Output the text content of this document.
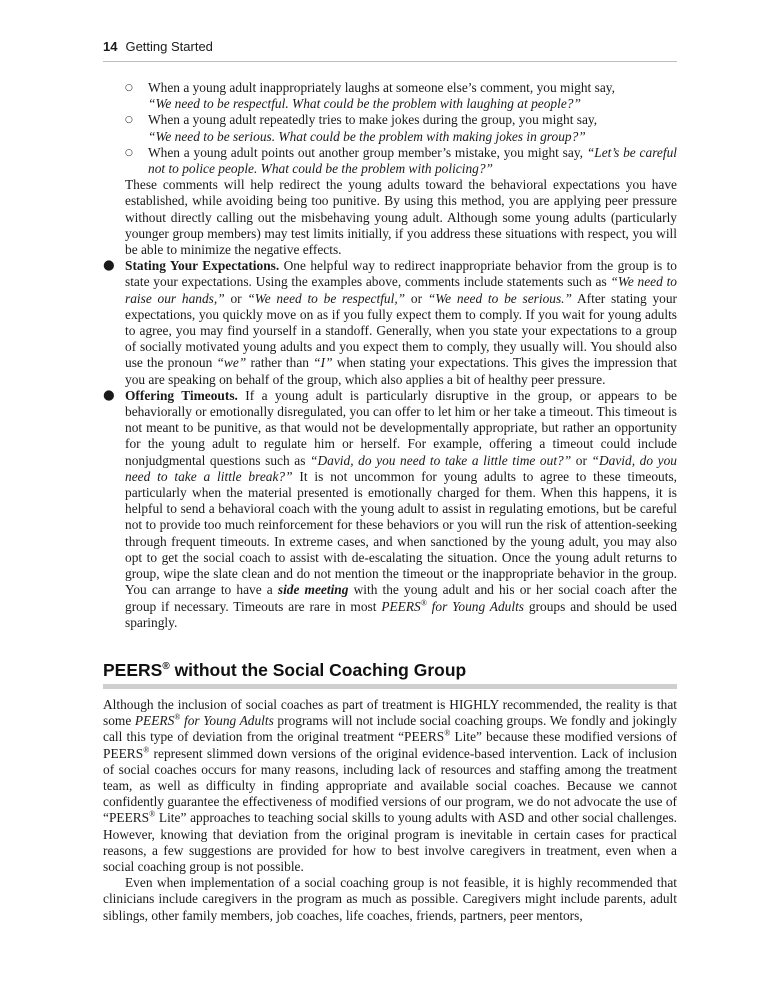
14 Getting Started
○ When a young adult inappropriately laughs at someone else’s comment, you might say,
“We need to be respectful. What could be the problem with laughing at people?”
○ When a young adult repeatedly tries to make jokes during the group, you might say,
“We need to be serious. What could be the problem with making jokes in group?”
○ When a young adult points out another group member’s mistake, you might say, “Let’s be careful not to police people. What could be the problem with policing?”

These comments will help redirect the young adults toward the behavioral expectations you have established, while avoiding being too punitive. By using this method, you are applying peer pressure without directly calling out the misbehaving young adult. Although some young adults (particularly younger group members) may test limits initially, if you address these situations with respect, you will be able to minimize the negative effects.

● Stating Your Expectations. One helpful way to redirect inappropriate behavior from the group is to state your expectations. Using the examples above, comments include statements such as “We need to raise our hands,” or “We need to be respectful,” or “We need to be serious.” After stating your expectations, you quickly move on as if you fully expect them to comply. If you wait for young adults to agree, you may find yourself in a standoff. Generally, when you state your expectations to a group of socially motivated young adults and you expect them to comply, they usually will. You should also use the pronoun “we” rather than “I” when stating your expectations. This gives the impression that you are speaking on behalf of the group, which also applies a bit of healthy peer pressure.
● Offering Timeouts. If a young adult is particularly disruptive in the group, or appears to be behaviorally or emotionally disregulated, you can offer to let him or her take a timeout. This timeout is not meant to be punitive, as that would not be developmentally appropriate, but rather an opportunity for the young adult to regulate him or herself. For example, offering a timeout could include nonjudgmental questions such as “David, do you need to take a little time out?” or “David, do you need to take a little break?” It is not uncommon for young adults to agree to these timeouts, particularly when the material presented is emotionally charged for them. When this happens, it is helpful to send a behavioral coach with the young adult to assist in regulating emotions, but be careful not to provide too much reinforcement for these behaviors or you will run the risk of attention-seeking through frequent timeouts. In extreme cases, and when sanctioned by the young adult, you may also opt to get the social coach to assist with de-escalating the situation. Once the young adult returns to group, wipe the slate clean and do not mention the timeout or the inappropriate behavior in the group. You can arrange to have a side meeting with the young adult and his or her social coach after the group if necessary. Timeouts are rare in most PEERS® for Young Adults groups and should be used sparingly.
PEERS® without the Social Coaching Group

Although the inclusion of social coaches as part of treatment is HIGHLY recommended, the reality is that some PEERS® for Young Adults programs will not include social coaching groups. We fondly and jokingly call this type of deviation from the original treatment “PEERS® Lite” because these modified versions of PEERS® represent slimmed down versions of the original evidence-based intervention. Lack of inclusion of social coaches occurs for many reasons, including lack of resources and staffing among the treatment team, as well as difficulty in finding appropriate and available social coaches. Because we cannot confidently guarantee the effectiveness of modified versions of our program, we do not advocate the use of “PEERS® Lite” approaches to teaching social skills to young adults with ASD and other social challenges. However, knowing that deviation from the original program is inevitable in certain cases for practical reasons, a few suggestions are provided for how to best involve caregivers in treatment, even when a social coaching group is not possible.

Even when implementation of a social coaching group is not feasible, it is highly recommended that clinicians include caregivers in the program as much as possible. Caregivers might include parents, adult siblings, other family members, job coaches, life coaches, friends, partners, peer mentors,
